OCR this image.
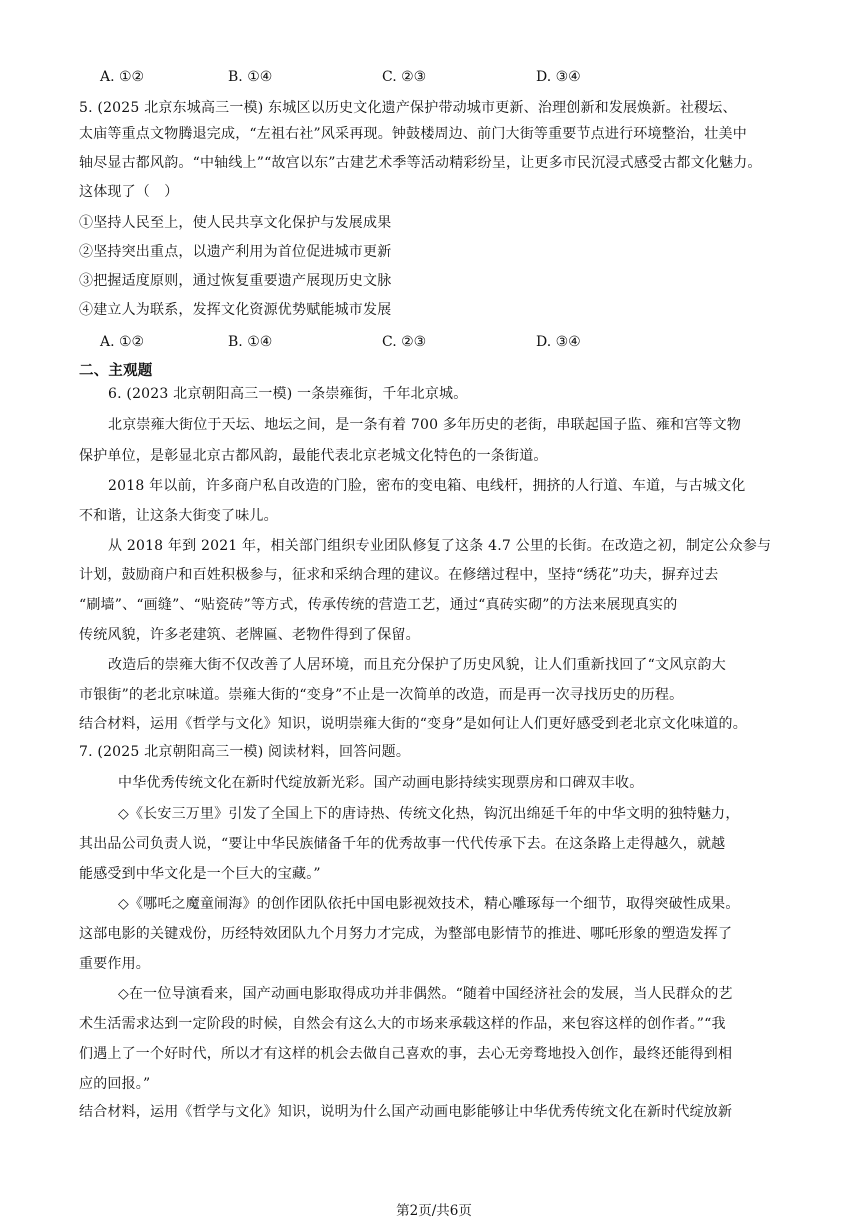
A. ①②	B. ①④	C. ②③	D. ③④
5. (2025 北京东城高三一模) 东城区以历史文化遗产保护带动城市更新、治理创新和发展焕新。社稷坛、
太庙等重点文物腾退完成，“左祖右社”风采再现。钟鼓楼周边、前门大街等重要节点进行环境整治，壮美中
轴尽显古都风韵。“中轴线上”“故宫以东”古建艺术季等活动精彩纷呈，让更多市民沉浸式感受古都文化魅力。
这体现了（　）
①坚持人民至上，使人民共享文化保护与发展成果
②坚持突出重点，以遗产利用为首位促进城市更新
③把握适度原则，通过恢复重要遗产展现历史文脉
④建立人为联系，发挥文化资源优势赋能城市发展
A. ①②	B. ①④	C. ②③	D. ③④
二、主观题
6. (2023 北京朝阳高三一模) 一条崇雍街，千年北京城。
北京崇雍大街位于天坛、地坛之间，是一条有着 700 多年历史的老街，串联起国子监、雍和宫等文物
保护单位，是彰显北京古都风韵，最能代表北京老城文化特色的一条街道。
2018 年以前，许多商户私自改造的门脸，密布的变电箱、电线杆，拥挤的人行道、车道，与古城文化
不和谐，让这条大街变了味儿。
从 2018 年到 2021 年，相关部门组织专业团队修复了这条 4.7 公里的长街。在改造之初，制定公众参与
计划，鼓励商户和百姓积极参与，征求和采纳合理的建议。在修缮过程中，坚持“绣花”功夫，摒弃过去
“刷墙”、“画缝”、“贴瓷砖”等方式，传承传统的营造工艺，通过“真砖实砌”的方法来展现真实的
传统风貌，许多老建筑、老牌匾、老物件得到了保留。
改造后的崇雍大街不仅改善了人居环境，而且充分保护了历史风貌，让人们重新找回了“文风京韵大
市银街”的老北京味道。崇雍大街的“变身”不止是一次简单的改造，而是再一次寻找历史的历程。
结合材料，运用《哲学与文化》知识，说明崇雍大街的“变身”是如何让人们更好感受到老北京文化味道的。
7. (2025 北京朝阳高三一模) 阅读材料，回答问题。
中华优秀传统文化在新时代绽放新光彩。国产动画电影持续实现票房和口碑双丰收。
◇《长安三万里》引发了全国上下的唐诗热、传统文化热，钩沉出绵延千年的中华文明的独特魅力，
其出品公司负责人说，“要让中华民族储备千年的优秀故事一代代传承下去。在这条路上走得越久，就越
能感受到中华文化是一个巨大的宝藏。”
◇《哪吒之魔童闹海》的创作团队依托中国电影视效技术，精心雕琢每一个细节，取得突破性成果。
这部电影的关键戏份，历经特效团队九个月努力才完成，为整部电影情节的推进、哪吒形象的塑造发挥了
重要作用。
◇在一位导演看来，国产动画电影取得成功并非偶然。“随着中国经济社会的发展，当人民群众的艺
术生活需求达到一定阶段的时候，自然会有这么大的市场来承载这样的作品，来包容这样的创作者。”“我
们遇上了一个好时代，所以才有这样的机会去做自己喜欢的事，去心无旁骛地投入创作，最终还能得到相
应的回报。”
结合材料，运用《哲学与文化》知识，说明为什么国产动画电影能够让中华优秀传统文化在新时代绽放新
第2页/共6页
